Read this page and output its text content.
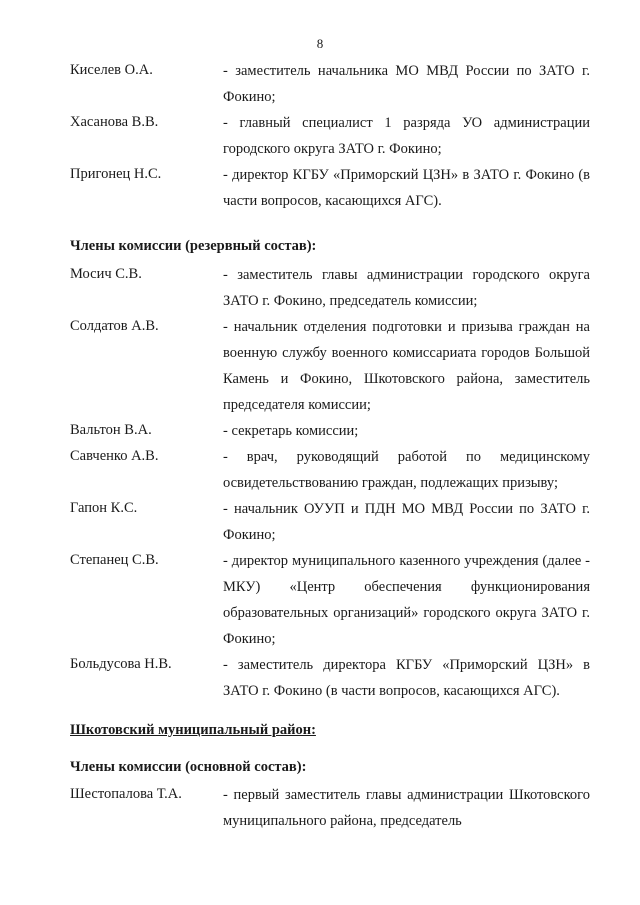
8
Киселев О.А.	- заместитель начальника МО МВД России по ЗАТО г. Фокино;
Хасанова В.В.	- главный специалист 1 разряда УО администрации городского округа ЗАТО г. Фокино;
Пригонец Н.С.	- директор КГБУ «Приморский ЦЗН» в ЗАТО г. Фокино (в части вопросов, касающихся АГС).
Члены комиссии (резервный состав):
Мосич С.В.	- заместитель главы администрации городского округа ЗАТО г. Фокино, председатель комиссии;
Солдатов А.В.	- начальник отделения подготовки и призыва граждан на военную службу военного комиссариата городов Большой Камень и Фокино, Шкотовского района, заместитель председателя комиссии;
Вальтон В.А.	- секретарь комиссии;
Савченко А.В.	- врач, руководящий работой по медицинскому освидетельствованию граждан, подлежащих призыву;
Гапон К.С.	- начальник ОУУП и ПДН МО МВД России по ЗАТО г. Фокино;
Степанец С.В.	- директор муниципального казенного учреждения (далее - МКУ) «Центр обеспечения функционирования образовательных организаций» городского округа ЗАТО г. Фокино;
Больдусова Н.В.	- заместитель директора КГБУ «Приморский ЦЗН» в ЗАТО г. Фокино (в части вопросов, касающихся АГС).
Шкотовский муниципальный район:
Члены комиссии (основной состав):
Шестопалова Т.А.	- первый заместитель главы администрации Шкотовского муниципального района, председатель
